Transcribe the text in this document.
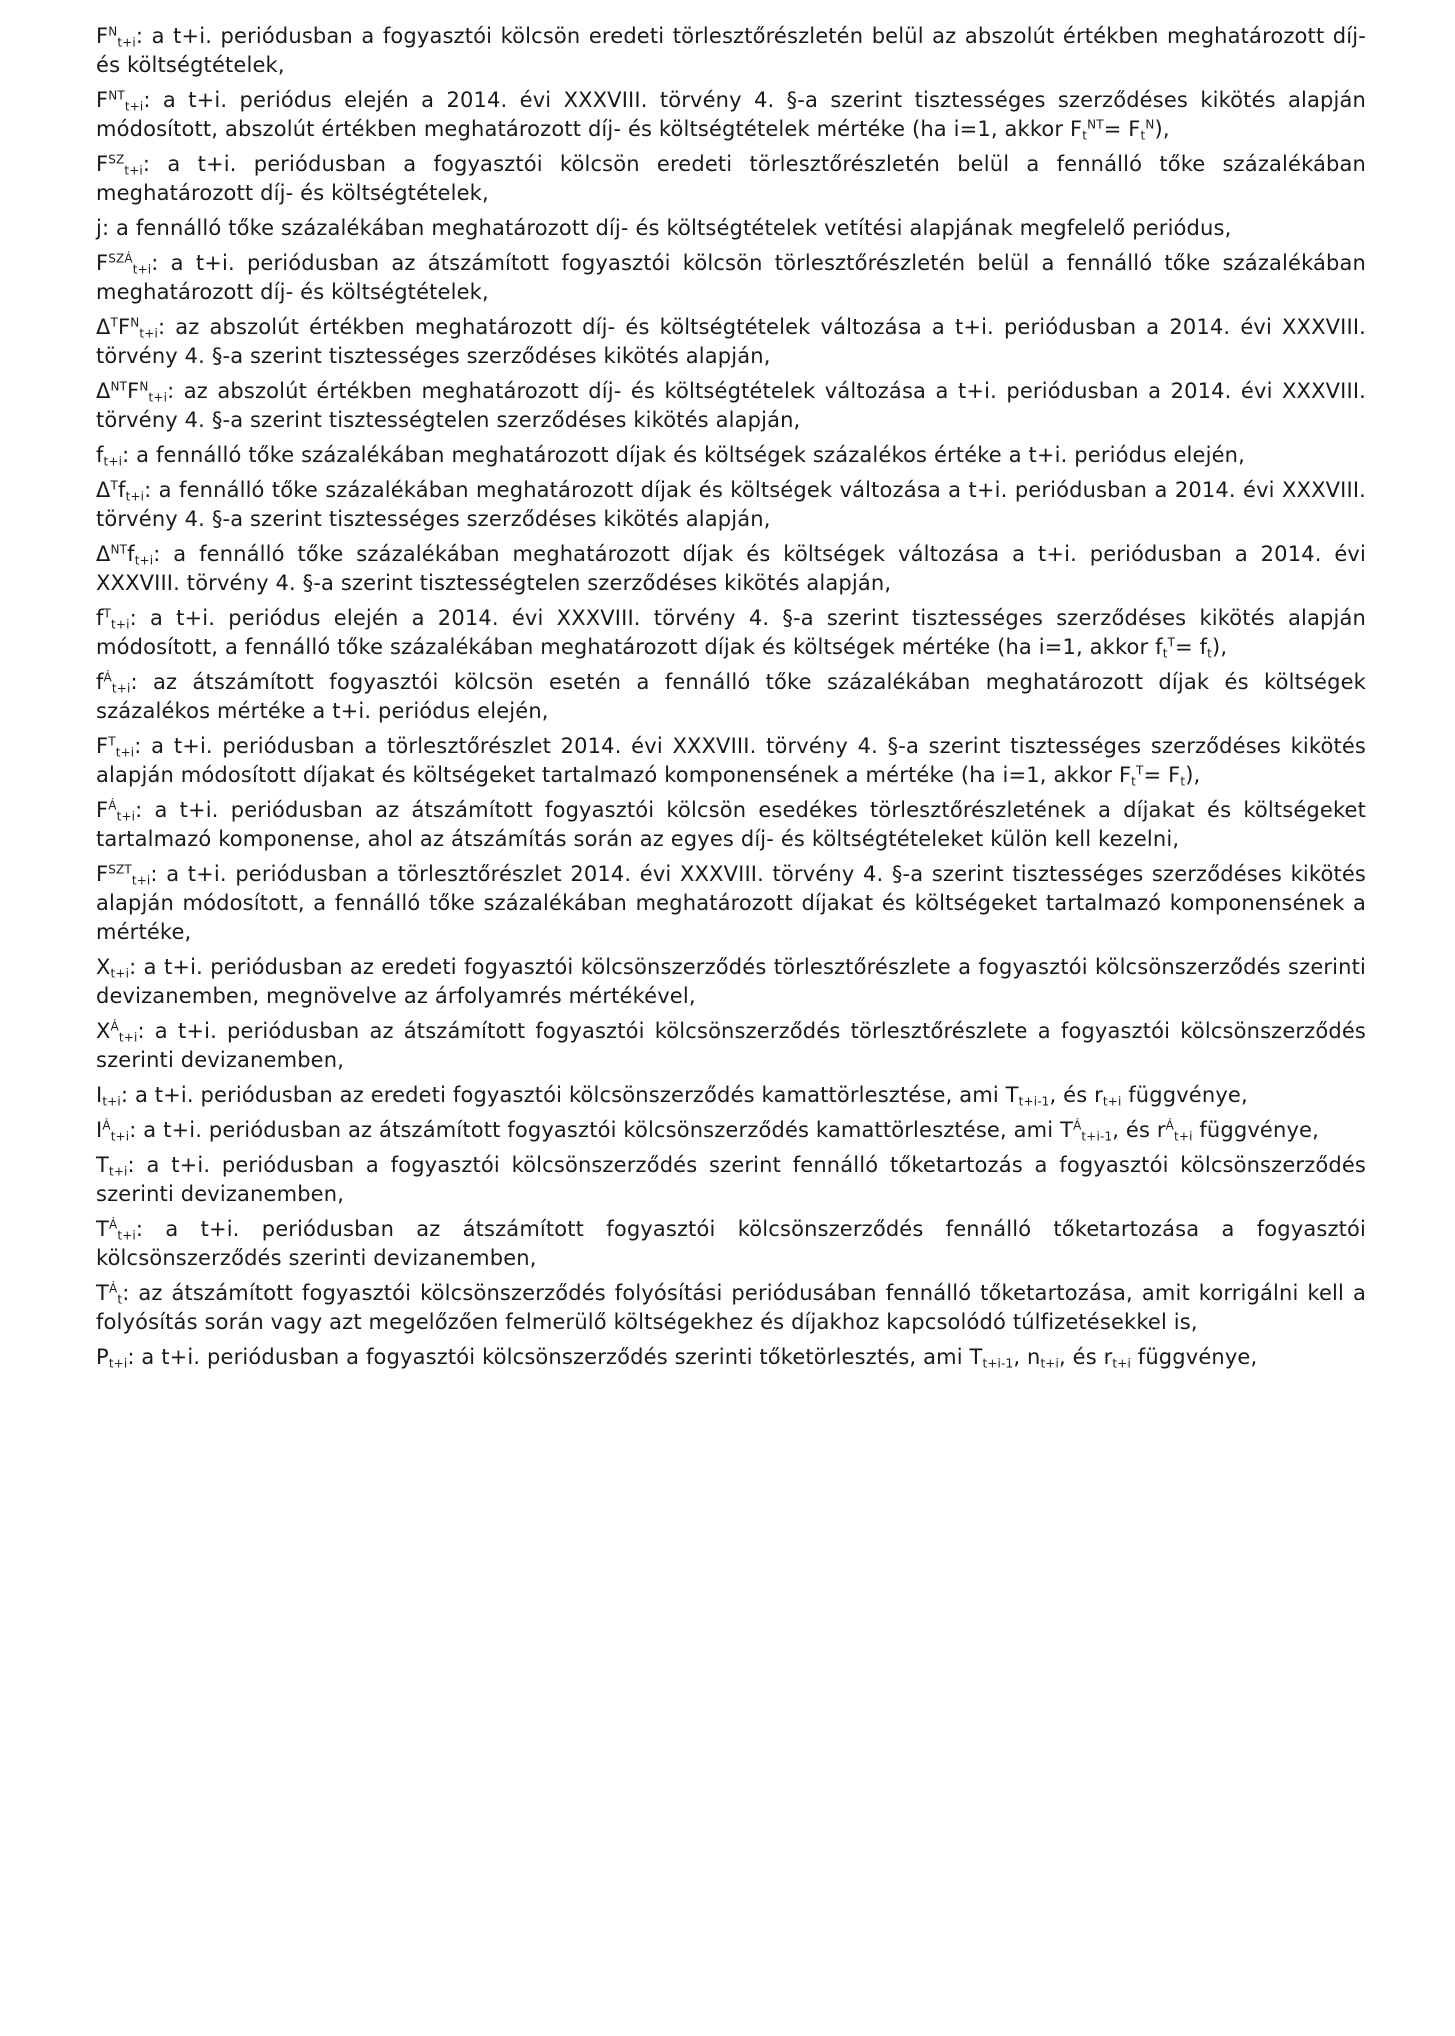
$F^N_{t+i}$: a t+i. periódusban a fogyasztói kölcsön eredeti törlesztőrészletén belül az abszolút értékben meghatározott díj- és költségtételek,

$F^{NT}_{t+i}$: a t+i. periódus elején a 2014. évi XXXVIII. törvény 4. §-a szerint tisztességes szerződéses kikötés alapján módosított, abszolút értékben meghatározott díj- és költségtételek mértéke (ha i=1, akkor $F_t^{NT}= F_t^N$),

$F^{SZ}_{t+i}$: a t+i. periódusban a fogyasztói kölcsön eredeti törlesztőrészletén belül a fennálló tőke százalékában meghatározott díj- és költségtételek,

j: a fennálló tőke százalékában meghatározott díj- és költségtételek vetítési alapjának megfelelő periódus,

$F^{SZÁ}_{t+i}$: a t+i. periódusban az átszámított fogyasztói kölcsön törlesztőrészletén belül a fennálló tőke százalékában meghatározott díj- és költségtételek,

$\Delta^TF^N_{t+i}$: az abszolút értékben meghatározott díj- és költségtételek változása a t+i. periódusban a 2014. évi XXXVIII. törvény 4. §-a szerint tisztességes szerződéses kikötés alapján,

$\Delta^{NT}F^N_{t+i}$: az abszolút értékben meghatározott díj- és költségtételek változása a t+i. periódusban a 2014. évi XXXVIII. törvény 4. §-a szerint tisztességtelen szerződéses kikötés alapján,

$f_{t+i}$: a fennálló tőke százalékában meghatározott díjak és költségek százalékos értéke a t+i. periódus elején,

$\Delta^Tf_{t+i}$: a fennálló tőke százalékában meghatározott díjak és költségek változása a t+i. periódusban a 2014. évi XXXVIII. törvény 4. §-a szerint tisztességes szerződéses kikötés alapján,

$\Delta^{NT}f_{t+i}$: a fennálló tőke százalékában meghatározott díjak és költségek változása a t+i. periódusban a 2014. évi XXXVIII. törvény 4. §-a szerint tisztességtelen szerződéses kikötés alapján,

$f^T_{t+i}$: a t+i. periódus elején a 2014. évi XXXVIII. törvény 4. §-a szerint tisztességes szerződéses kikötés alapján módosított, a fennálló tőke százalékában meghatározott díjak és költségek mértéke (ha i=1, akkor $f_t^T= f_t$),

$f^Á_{t+i}$: az átszámított fogyasztói kölcsön esetén a fennálló tőke százalékában meghatározott díjak és költségek százalékos mértéke a t+i. periódus elején,

$F^T_{t+i}$: a t+i. periódusban a törlesztőrészlet 2014. évi XXXVIII. törvény 4. §-a szerint tisztességes szerződéses kikötés alapján módosított díjakat és költségeket tartalmazó komponensének a mértéke (ha i=1, akkor $F_t^T= F_t$),

$F^Á_{t+i}$: a t+i. periódusban az átszámított fogyasztói kölcsön esedékes törlesztőrészletének a díjakat és költségeket tartalmazó komponense, ahol az átszámítás során az egyes díj- és költségtételeket külön kell kezelni,

$F^{SZT}_{t+i}$: a t+i. periódusban a törlesztőrészlet 2014. évi XXXVIII. törvény 4. §-a szerint tisztességes szerződéses kikötés alapján módosított, a fennálló tőke százalékában meghatározott díjakat és költségeket tartalmazó komponensének a mértéke,

$X_{t+i}$: a t+i. periódusban az eredeti fogyasztói kölcsönszerződés törlesztőrészlete a fogyasztói kölcsönszerződés szerinti devizanemben, megnövelve az árfolyamrés mértékével,

$X^Á_{t+i}$: a t+i. periódusban az átszámított fogyasztói kölcsönszerződés törlesztőrészlete a fogyasztói kölcsönszerződés szerinti devizanemben,

$I_{t+i}$: a t+i. periódusban az eredeti fogyasztói kölcsönszerződés kamattörlesztése, ami $T_{t+i-1}$, és $r_{t+i}$ függvénye,

$I^Á_{t+i}$: a t+i. periódusban az átszámított fogyasztói kölcsönszerződés kamattörlesztése, ami $T^Á_{t+i-1}$, és $r^Á_{t+i}$ függvénye,

$T_{t+i}$: a t+i. periódusban a fogyasztói kölcsönszerződés szerint fennálló tőketartozás a fogyasztói kölcsönszerződés szerinti devizanemben,

$T^Á_{t+i}$: a t+i. periódusban az átszámított fogyasztói kölcsönszerződés fennálló tőketartozása a fogyasztói kölcsönszerződés szerinti devizanemben,

$T^Á_t$: az átszámított fogyasztói kölcsönszerződés folyósítási periódusában fennálló tőketartozása, amit korrigálni kell a folyósítás során vagy azt megelőzően felmerülő költségekhez és díjakhoz kapcsolódó túlfizetésekkel is,

$P_{t+i}$: a t+i. periódusban a fogyasztói kölcsönszerződés szerinti tőketörlesztés, ami $T_{t+i-1}$, $n_{t+i}$, és $r_{t+i}$ függvénye,
